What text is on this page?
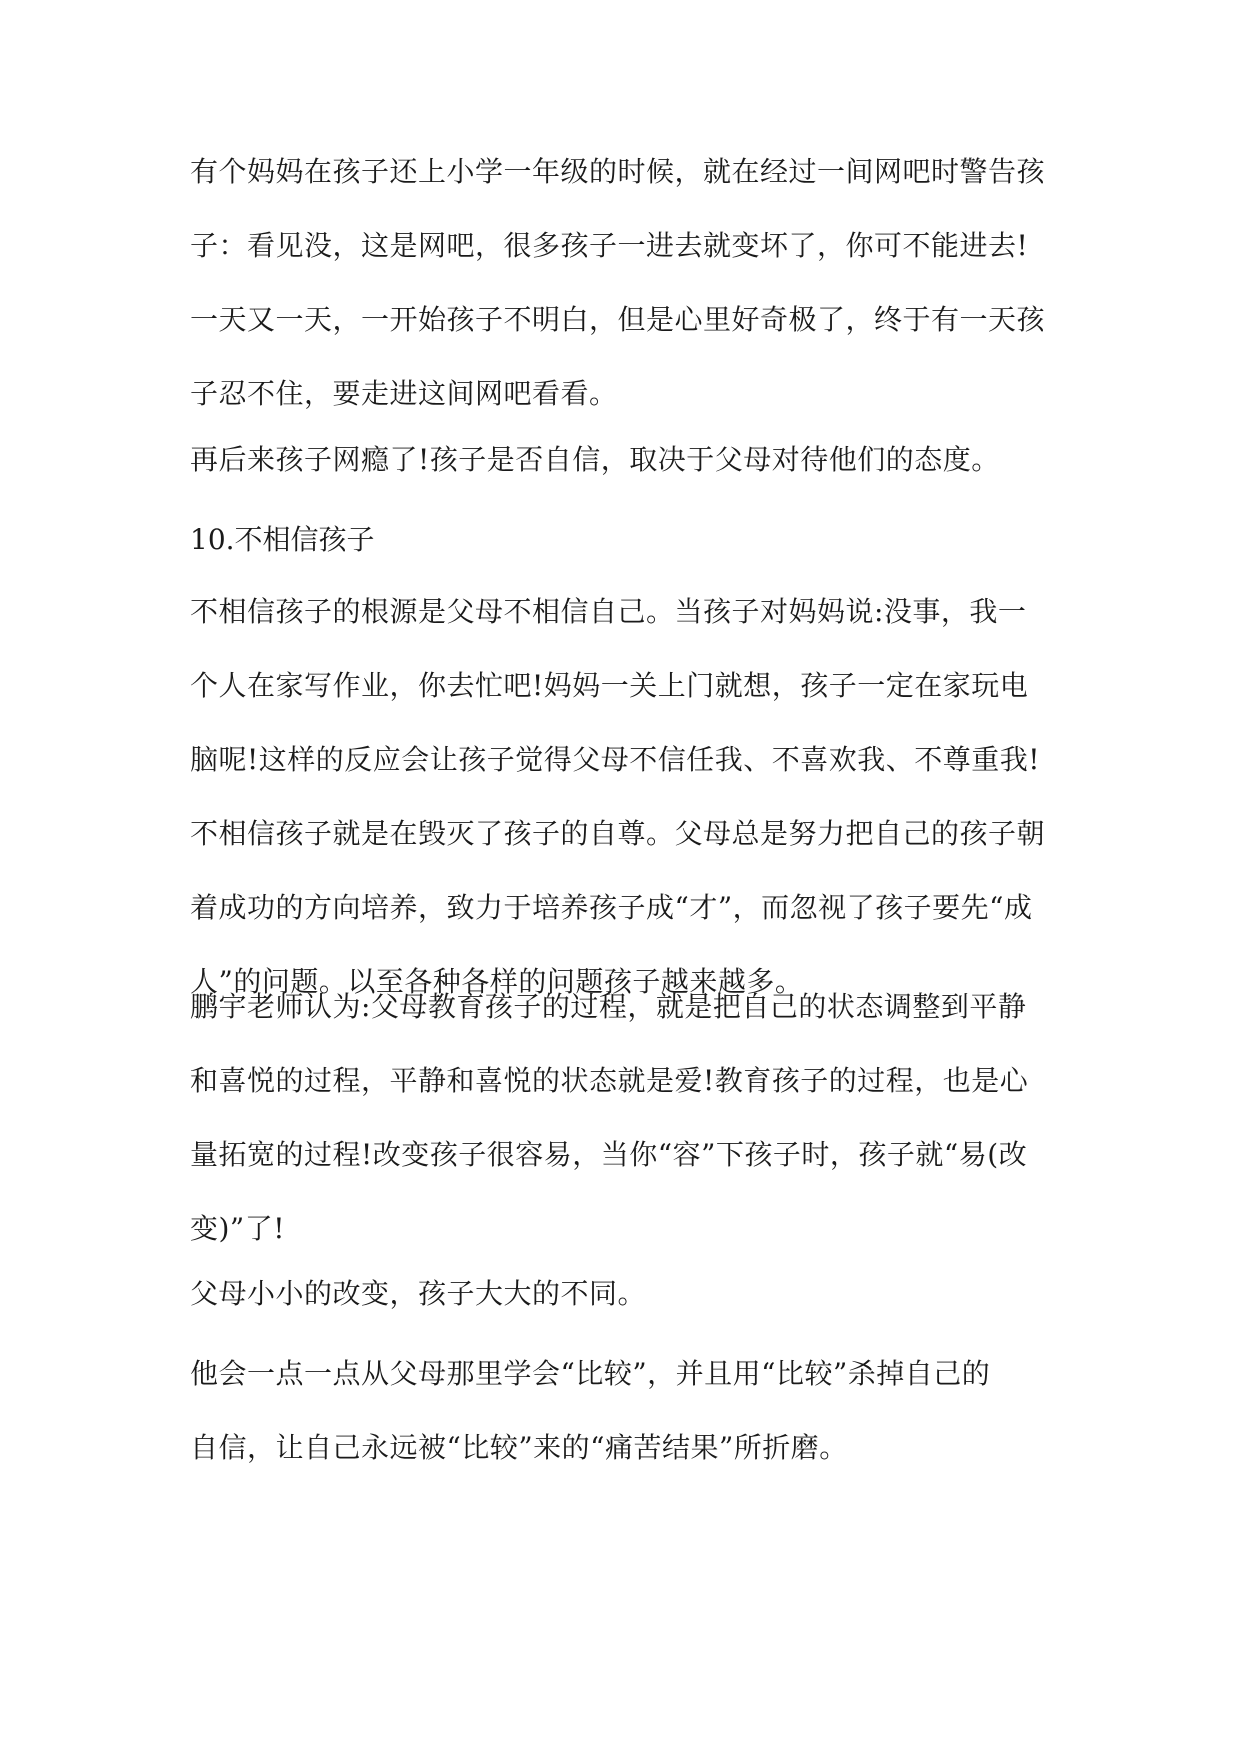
有个妈妈在孩子还上小学一年级的时候，就在经过一间网吧时警告孩
子：看见没，这是网吧，很多孩子一进去就变坏了，你可不能进去!
一天又一天，一开始孩子不明白，但是心里好奇极了，终于有一天孩
子忍不住，要走进这间网吧看看。
再后来孩子网瘾了!孩子是否自信，取决于父母对待他们的态度。
10.不相信孩子
不相信孩子的根源是父母不相信自己。当孩子对妈妈说:没事，我一
个人在家写作业，你去忙吧!妈妈一关上门就想，孩子一定在家玩电
脑呢!这样的反应会让孩子觉得父母不信任我、不喜欢我、不尊重我!
不相信孩子就是在毁灭了孩子的自尊。父母总是努力把自己的孩子朝
着成功的方向培养，致力于培养孩子成“才”，而忽视了孩子要先“成
人”的问题。以至各种各样的问题孩子越来越多。
鹏宇老师认为:父母教育孩子的过程，就是把自己的状态调整到平静
和喜悦的过程，平静和喜悦的状态就是爱!教育孩子的过程，也是心
量拓宽的过程!改变孩子很容易，当你“容”下孩子时，孩子就“易(改
变)”了!
父母小小的改变，孩子大大的不同。
他会一点一点从父母那里学会“比较”，并且用“比较”杀掉自己的
自信，让自己永远被“比较”来的“痛苦结果”所折磨。
